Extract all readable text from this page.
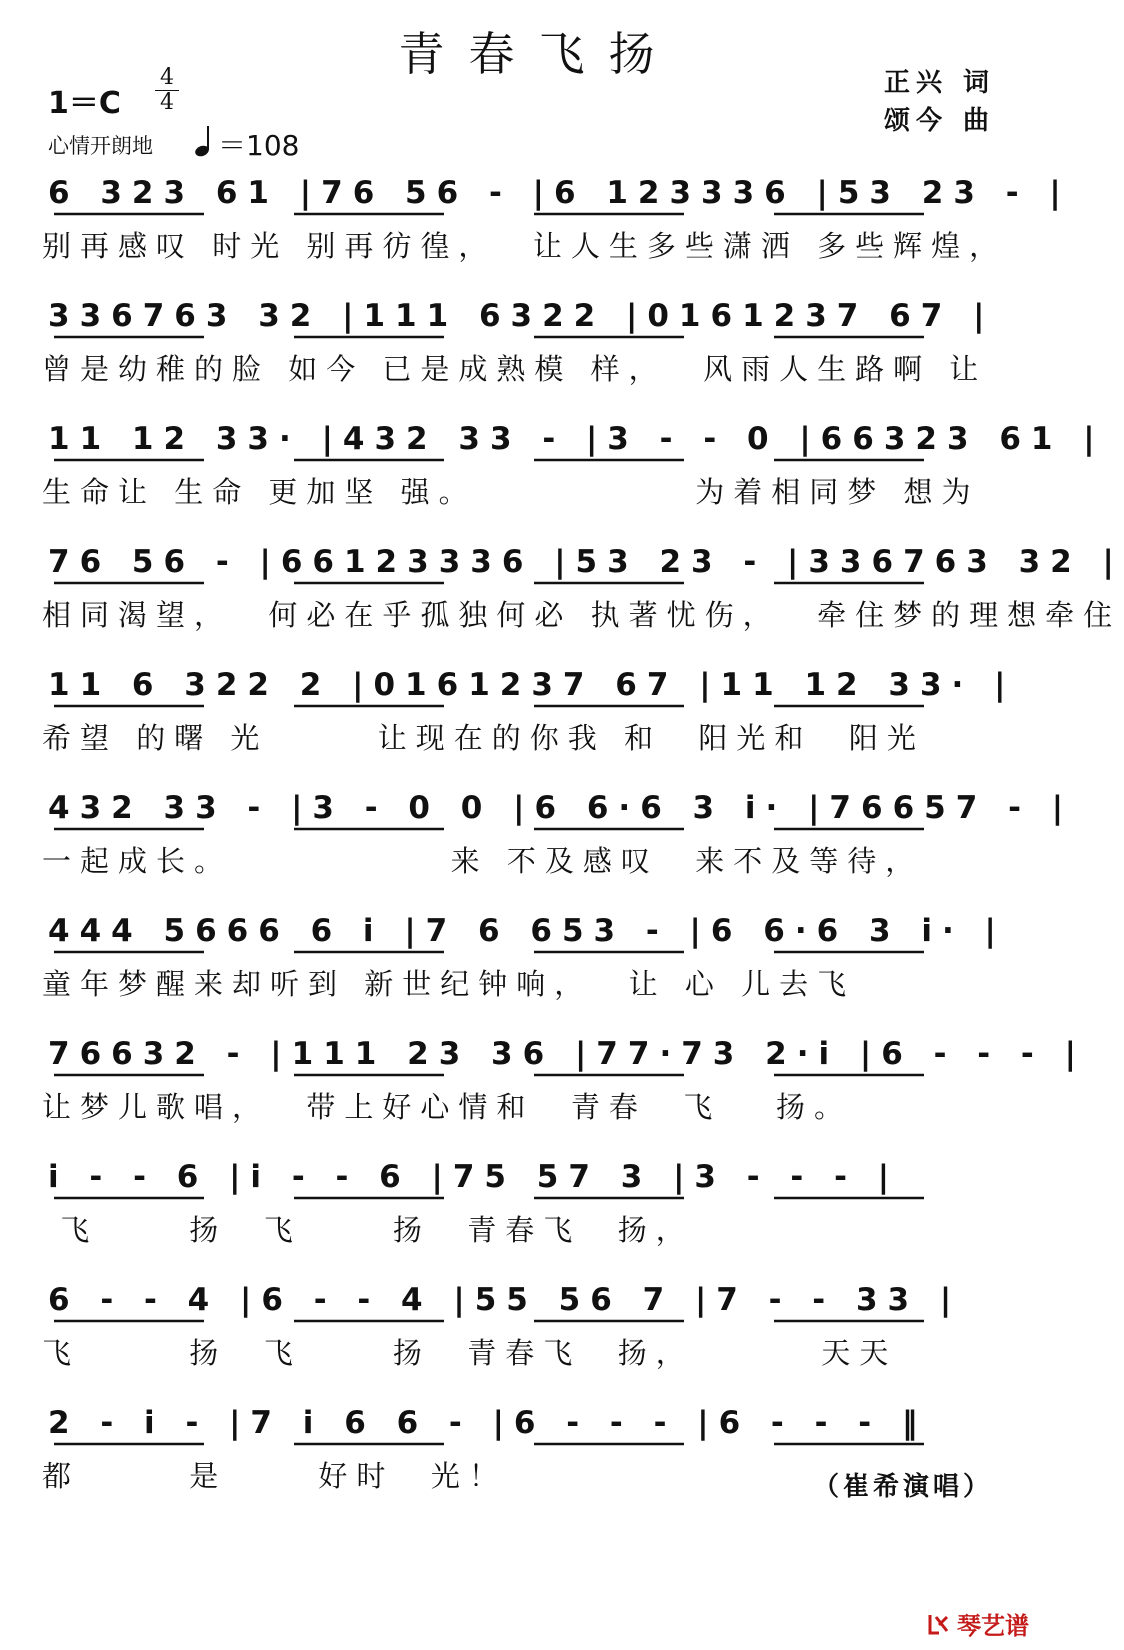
青春飞扬
正兴 词
颂今 曲
1＝C
4
4
心情开朗地 ＝108
6 323 61 |76 56 - |6 123336 |53 23 - |
别再感叹 时光 别再彷徨，  让人生多些潇洒 多些辉煌，
336763 32 |111 6322 |0161237 67 |
曾是幼稚的脸 如今 已是成熟模 样，  风雨人生路啊 让
11 12 33· |432 33 - |3 - - 0 |66323 61 |
生命让 生命 更加坚 强。            为着相同梦 想为
76 56 - |66123336 |53 23 - |336763 32 |
相同渴望，  何必在乎孤独何必 执著忧伤，  牵住梦的理想牵住
11 6 322 2 |0161237 67 |11 12 33· |
希望 的曙 光      让现在的你我 和  阳光和  阳光
432 33 - |3 - 0 0 |6 6·6 3 i· |76657 - |
一起成长。            来 不及感叹  来不及等待，
444 5666 6 i |7 6 653 - |6 6·6 3 i· |
童年梦醒来却听到 新世纪钟响，  让 心 儿去飞
76632 - |111 23 36 |77·73 2·i |6 - - - |
让梦儿歌唱，  带上好心情和  青春  飞   扬。
i - - 6 |i - - 6 |75 57 3 |3 - - - |
飞     扬  飞     扬  青春飞  扬，
6 - - 4 |6 - - 4 |55 56 7 |7 - - 33 |
飞      扬  飞     扬  青春飞  扬，       天天
2 - i - |7 i 6 6 - |6 - - - |6 - - - ‖
都      是     好时  光！	（崔希演唱）
琴艺谱
